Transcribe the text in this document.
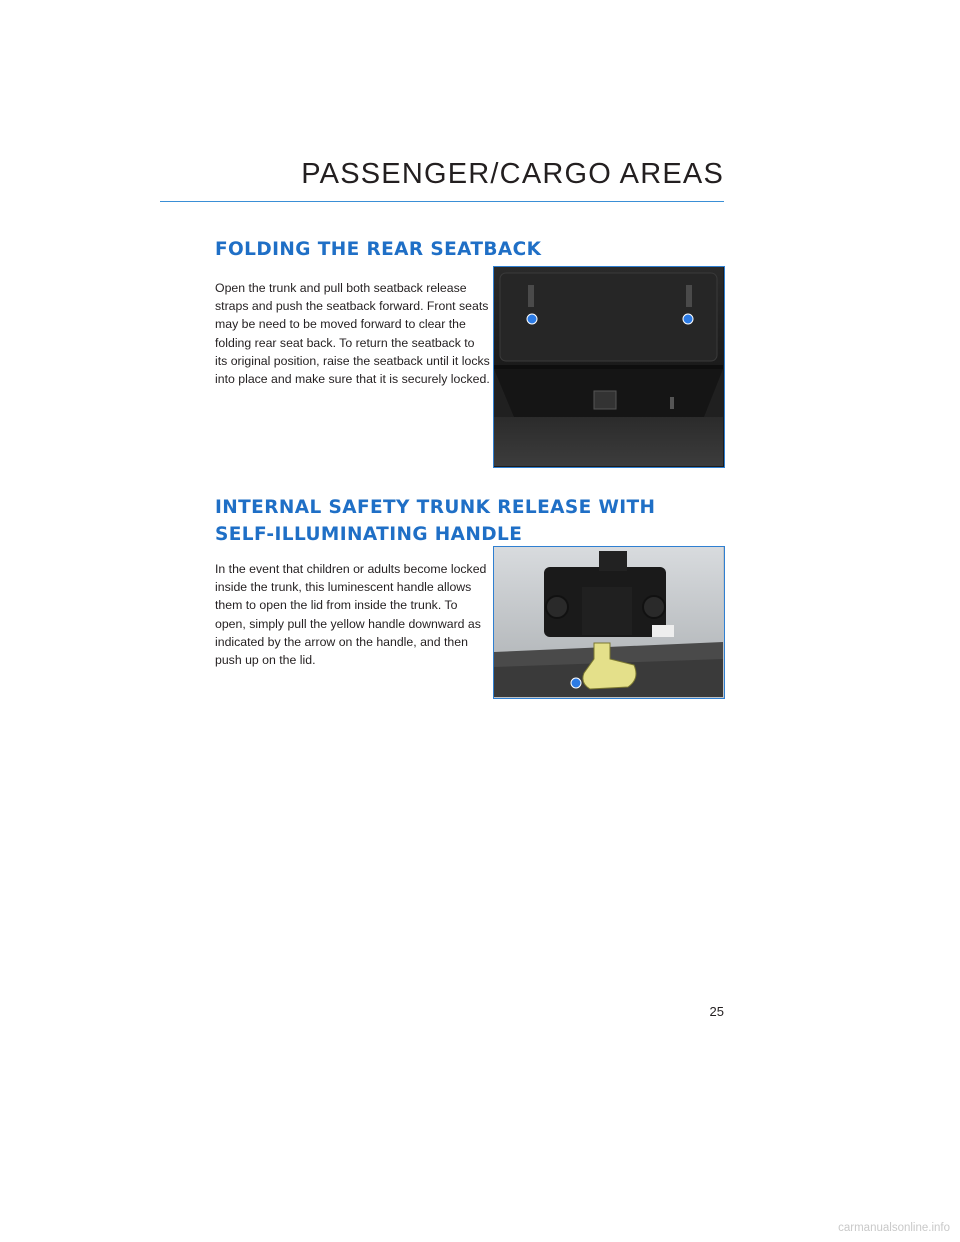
PASSENGER/CARGO AREAS
FOLDING THE REAR SEATBACK

Open the trunk and pull both seatback release straps and push the seatback forward. Front seats may be need to be moved forward to clear the folding rear seat back. To return the seatback to its original position, raise the seatback until it locks into place and make sure that it is securely locked.

INTERNAL SAFETY TRUNK RELEASE WITH
SELF-ILLUMINATING HANDLE

In the event that children or adults become locked inside the trunk, this luminescent handle allows them to open the lid from inside the trunk. To open, simply pull the yellow handle downward as indicated by the arrow on the handle, and then push up on the lid.

25

carmanualsonline.info
